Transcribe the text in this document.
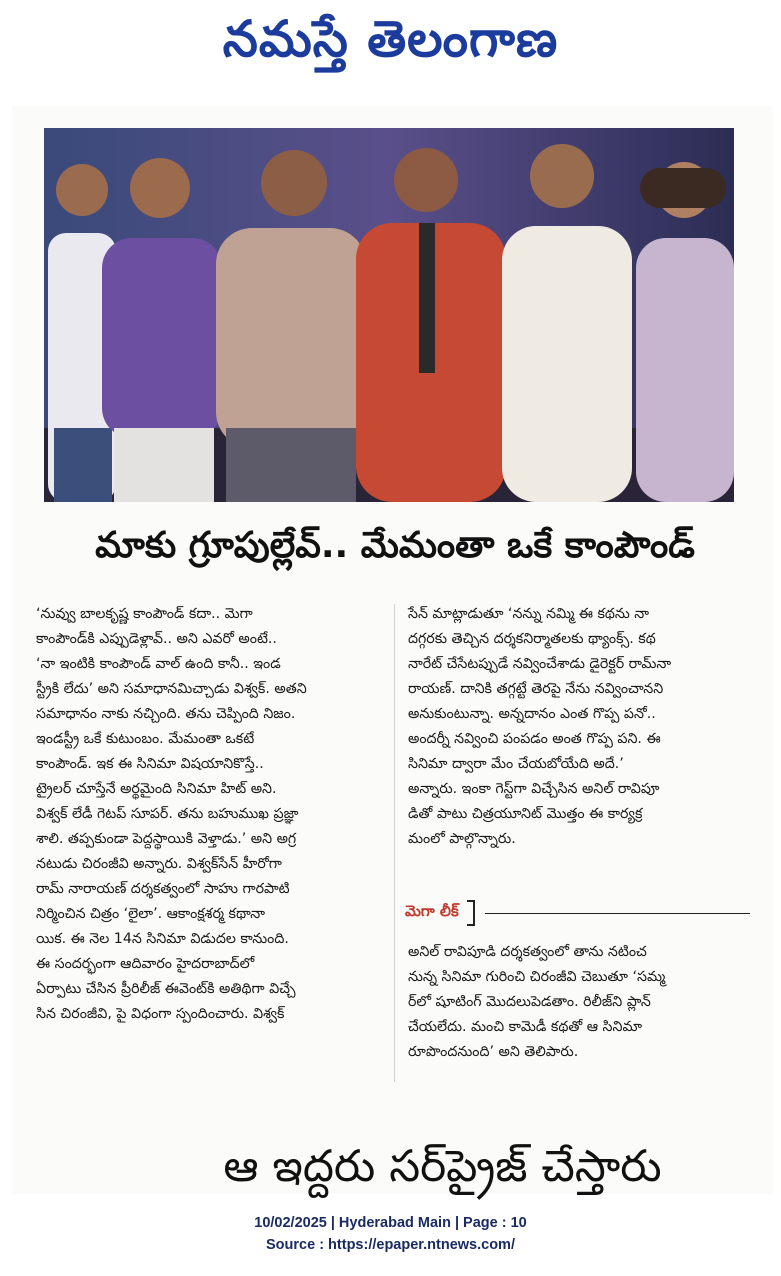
నమస్తే తెలంగాణ
మాకు గ్రూపుల్లేవ్.. మేమంతా ఒకే కాంపౌండ్

‘నువ్వు బాలకృష్ణ కాంపౌండ్ కదా.. మెగా
కాంపౌండ్‌కి ఎప్పుడెళ్లావ్.. అని ఎవరో అంటే..
‘నా ఇంటికి కాంపౌండ్ వాల్ ఉంది కానీ.. ఇండ
స్ట్రీకి లేదు’ అని సమాధానమిచ్చాడు విశ్వక్. అతని
సమాధానం నాకు నచ్చింది. తను చెప్పింది నిజం.
ఇండస్ట్రీ ఒకే కుటుంబం. మేమంతా ఒకటే
కాంపౌండ్. ఇక ఈ సినిమా విషయానికొస్తే..
ట్రైలర్ చూస్తేనే అర్థమైంది సినిమా హిట్ అని.
విశ్వక్ లేడీ గెటప్ సూపర్. తను బహుముఖ ప్రజ్ఞా
శాలి. తప్పకుండా పెద్దస్థాయికి వెళ్తాడు.’ అని అగ్ర
నటుడు చిరంజీవి అన్నారు. విశ్వక్‌సేన్ హీరోగా
రామ్ నారాయణ్ దర్శకత్వంలో సాహు గారపాటి
నిర్మించిన చిత్రం ‘లైలా’. ఆకాంక్షశర్మ కథానా
యిక. ఈ నెల 14న సినిమా విడుదల కానుంది.
ఈ సందర్భంగా ఆదివారం హైదరాబాద్‌లో
ఏర్పాటు చేసిన ప్రీరిలీజ్ ఈవెంట్‌కి అతిథిగా విచ్చే
సిన చిరంజీవి, పై విధంగా స్పందించారు. విశ్వక్

సేన్ మాట్లాడుతూ ‘నన్ను నమ్మి ఈ కథను నా
దగ్గరకు తెచ్చిన దర్శకనిర్మాతలకు థ్యాంక్స్. కథ
నారేట్ చేసేటప్పుడే నవ్వించేశాడు డైరెక్టర్ రామ్‌నా
రాయణ్. దానికి తగ్గట్టే తెరపై నేను నవ్వించానని
అనుకుంటున్నా. అన్నదానం ఎంత గొప్ప పనో..
అందర్నీ నవ్వించి పంపడం అంత గొప్ప పని. ఈ
సినిమా ద్వారా మేం చేయబోయేది అదే.’
అన్నారు. ఇంకా గెస్ట్‌గా విచ్చేసిన అనిల్ రావిపూ
డితో పాటు చిత్రయూనిట్ మొత్తం ఈ కార్యక్ర
మంలో పాల్గొన్నారు.

మెగా లీక్

అనిల్ రావిపూడి దర్శకత్వంలో తాను నటించ
నున్న సినిమా గురించి చిరంజీవి చెబుతూ ‘సమ్మ
ర్‌లో షూటింగ్ మొదలుపెడతాం. రిలీజ్‌ని ప్లాన్
చేయలేదు. మంచి కామెడీ కథతో ఆ సినిమా
రూపొందనుంది’ అని తెలిపారు.

ఆ ఇద్దరు సర్‌ప్రైజ్ చేస్తారు
10/02/2025 | Hyderabad Main | Page : 10
Source : https://epaper.ntnews.com/
